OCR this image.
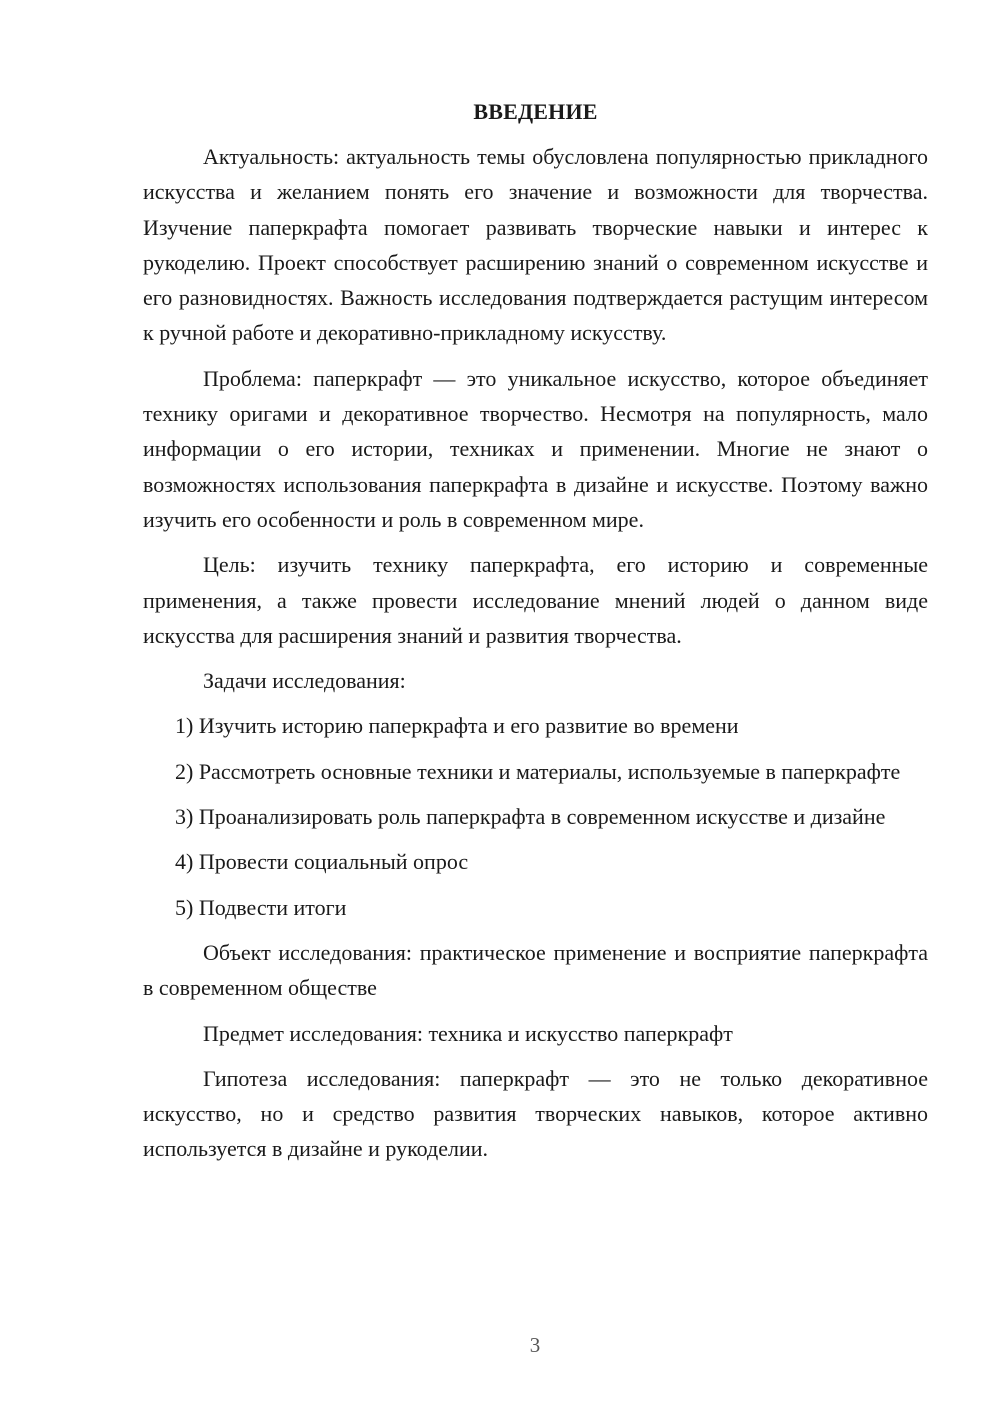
ВВЕДЕНИЕ

Актуальность: актуальность темы обусловлена популярностью прикладного искусства и желанием понять его значение и возможности для творчества. Изучение паперкрафта помогает развивать творческие навыки и интерес к рукоделию. Проект способствует расширению знаний о современном искусстве и его разновидностях. Важность исследования подтверждается растущим интересом к ручной работе и декоративно-прикладному искусству.

Проблема: паперкрафт — это уникальное искусство, которое объединяет технику оригами и декоративное творчество. Несмотря на популярность, мало информации о его истории, техниках и применении. Многие не знают о возможностях использования паперкрафта в дизайне и искусстве. Поэтому важно изучить его особенности и роль в современном мире.

Цель: изучить технику паперкрафта, его историю и современные применения, а также провести исследование мнений людей о данном виде искусства для расширения знаний и развития творчества.

Задачи исследования:

1) Изучить историю паперкрафта и его развитие во времени

2) Рассмотреть основные техники и материалы, используемые в паперкрафте

3) Проанализировать роль паперкрафта в современном искусстве и дизайне

4) Провести социальный опрос

5) Подвести итоги

Объект исследования: практическое применение и восприятие паперкрафта в современном обществе

Предмет исследования: техника и искусство паперкрафт

Гипотеза исследования: паперкрафт — это не только декоративное искусство, но и средство развития творческих навыков, которое активно используется в дизайне и рукоделии.

3
